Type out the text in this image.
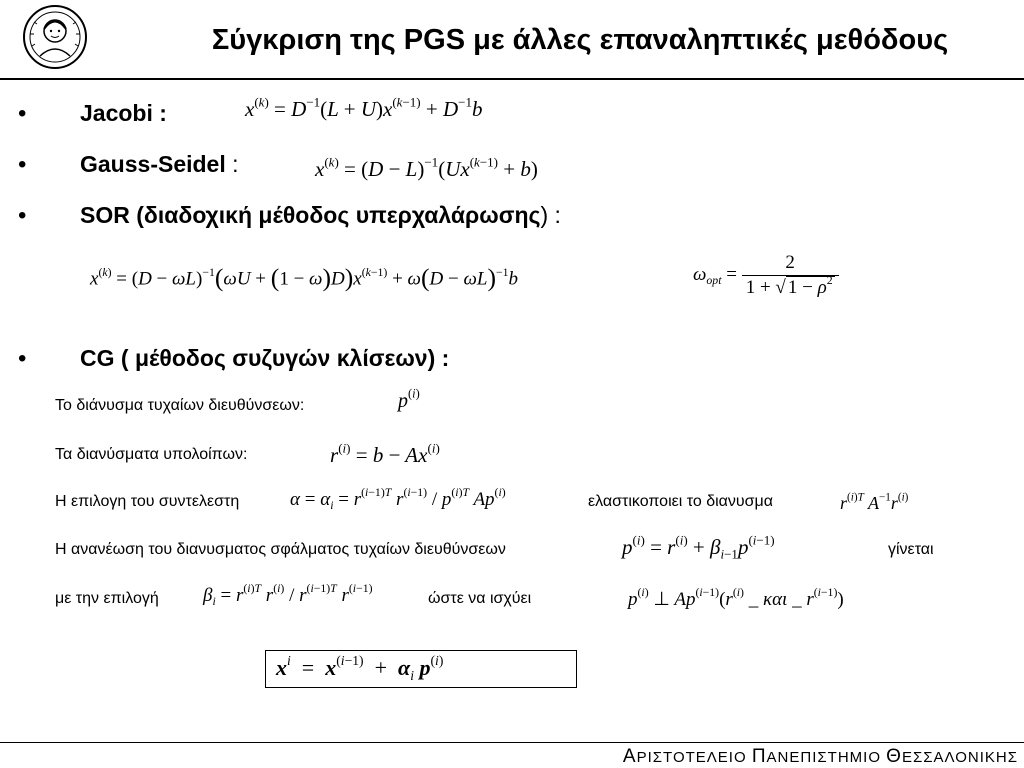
Σύγκριση της PGS με άλλες επαναληπτικές μεθόδους
• Jacobi :	$x^{(k)} = D^{-1}(L + U)x^{(k-1)} + D^{-1}b$
• Gauss-Seidel :	$x^{(k)} = (D - L)^{-1}(Ux^{(k-1)} + b)$
• SOR (διαδοχική μέθοδος υπερχαλάρωσης) :
$x^{(k)} = (D - \omega L)^{-1}(\omega U + (1 - \omega)D)x^{(k-1)} + \omega(D - \omega L)^{-1}b$	$\omega_{opt} = \frac{2}{1 + √ 1 - \rho^2}$
• CG ( μέθοδος συζυγών κλίσεων) :
Το διάνυσμα τυχαίων διευθύνσεων:	$p^{(i)}$
Τα διανύσματα υπολοίπων:	$r^{(i)} = b - Ax^{(i)}$
Η επιλογη του συντελεστη	$\alpha = \alpha_i = r^{(i-1)T}$ $r^{(i-1)} / p^{(i)T}$ Ap$^{(i)}$
ελαστικοποιει το διανυσμα	$r^{(i)T}$ $A^{-1}r^{(i)}$
Η ανανέωση του διανυσματος σφάλματος τυχαίων διευθύνσεων	$p^{(i)} = r^{(i)} + \beta_{i-1}p^{(i-1)}$
γίνεται
με την επιλογή $\beta_i = r^{(i)T}$ $r^{(i)} / r^{(i-1)T}$ $r^{(i-1)}$
ώστε να ισχύει	$p^{(i)}$ ⊥ $Ap^{(i-1)}(r^{(i)}$ _ και _ $r^{(i-1)}$)
$x^i = x^{(i-1)} + \alpha_i$ $p^{(i)}$
ΑΡΙΣΤΟΤΕΛΕΙΟ ΠΑΝΕΠΙΣΤΗΜΙΟ ΘΕΣΣΑΛΟΝΙΚΗΣ
